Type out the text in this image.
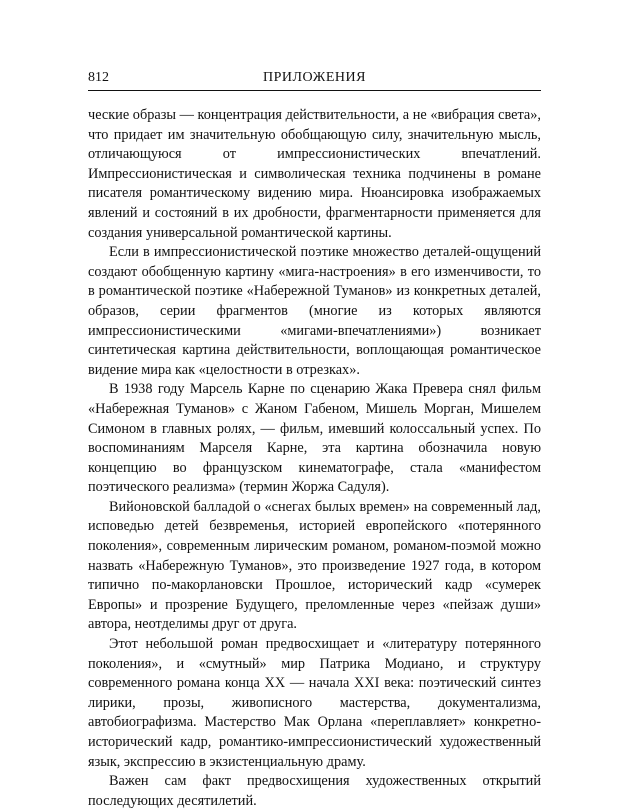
812	ПРИЛОЖЕНИЯ

ческие образы — концентрация действительности, а не «вибрация света», что придает им значительную обобщающую силу, значительную мысль, отличающуюся от импрессионистических впечатлений. Импрессионистическая и символическая техника подчинены в романе писателя романтическому видению мира. Нюансировка изображаемых явлений и состояний в их дробности, фрагментарности применяется для создания универсальной романтической картины.

Если в импрессионистической поэтике множество деталей-ощущений создают обобщенную картину «мига-настроения» в его изменчивости, то в романтической поэтике «Набережной Туманов» из конкретных деталей, образов, серии фрагментов (многие из которых являются импрессионистическими «мигами-впечатлениями») возникает синтетическая картина действительности, воплощающая романтическое видение мира как «целостности в отрезках».

В 1938 году Марсель Карне по сценарию Жака Превера снял фильм «Набережная Туманов» с Жаном Габеном, Мишель Морган, Мишелем Симоном в главных ролях, — фильм, имевший колоссальный успех. По воспоминаниям Марселя Карне, эта картина обозначила новую концепцию во французском кинематографе, стала «манифестом поэтического реализма» (термин Жоржа Садуля).

Вийоновской балладой о «снегах былых времен» на современный лад, исповедью детей безвременья, историей европейского «потерянного поколения», современным лирическим романом, романом-поэмой можно назвать «Набережную Туманов», это произведение 1927 года, в котором типично по-макорлановски Прошлое, исторический кадр «сумерек Европы» и прозрение Будущего, преломленные через «пейзаж души» автора, неотделимы друг от друга.

Этот небольшой роман предвосхищает и «литературу потерянного поколения», и «смутный» мир Патрика Модиано, и структуру современного романа конца XX — начала XXI века: поэтический синтез лирики, прозы, живописного мастерства, документализма, автобиографизма. Мастерство Мак Орлана «переплавляет» конкретно-исторический кадр, романтико-импрессионистический художественный язык, экспрессию в экзистенциальную драму.

Важен сам факт предвосхищения художественных открытий последующих десятилетий.
